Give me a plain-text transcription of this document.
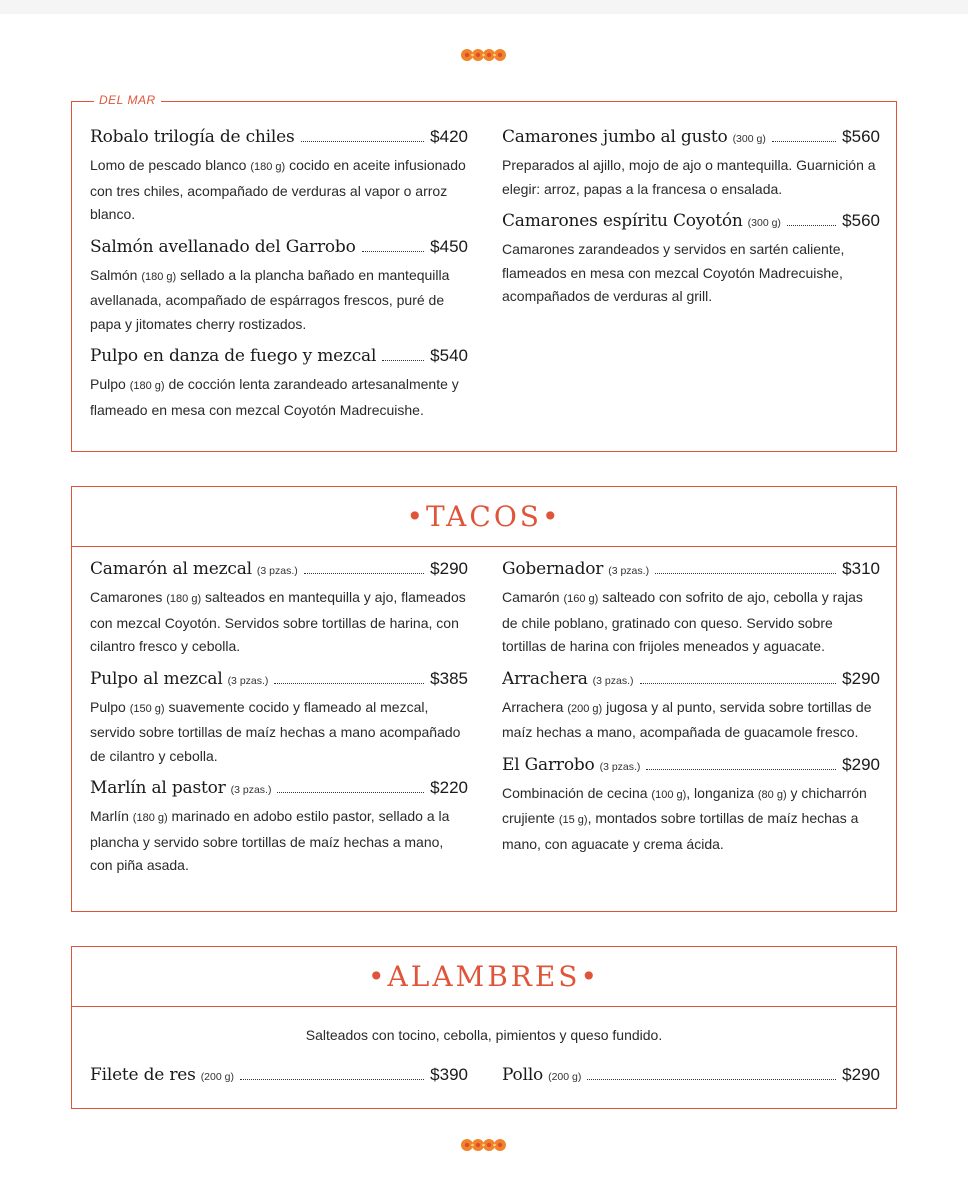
DEL MAR
Robalo trilogía de chiles	$420
Lomo de pescado blanco (180 g) cocido en aceite infusionado con tres chiles, acompañado de verduras al vapor o arroz blanco.
Salmón avellanado del Garrobo	$450
Salmón (180 g) sellado a la plancha bañado en mantequilla avellanada, acompañado de espárragos frescos, puré de papa y jitomates cherry rostizados.
Pulpo en danza de fuego y mezcal	$540
Pulpo (180 g) de cocción lenta zarandeado artesanalmente y flameado en mesa con mezcal Coyotón Madrecuishe.
Camarones jumbo al gusto (300 g)	$560
Preparados al ajillo, mojo de ajo o mantequilla. Guarnición a elegir: arroz, papas a la francesa o ensalada.
Camarones espíritu Coyotón (300 g)	$560
Camarones zarandeados y servidos en sartén caliente, flameados en mesa con mezcal Coyotón Madrecuishe, acompañados de verduras al grill.
•TACOS•
Camarón al mezcal (3 pzas.)	$290
Camarones (180 g) salteados en mantequilla y ajo, flameados con mezcal Coyotón. Servidos sobre tortillas de harina, con cilantro fresco y cebolla.
Pulpo al mezcal (3 pzas.)	$385
Pulpo (150 g) suavemente cocido y flameado al mezcal, servido sobre tortillas de maíz hechas a mano acompañado de cilantro y cebolla.
Marlín al pastor (3 pzas.)	$220
Marlín (180 g) marinado en adobo estilo pastor, sellado a la plancha y servido sobre tortillas de maíz hechas a mano, con piña asada.
Gobernador (3 pzas.)	$310
Camarón (160 g) salteado con sofrito de ajo, cebolla y rajas de chile poblano, gratinado con queso. Servido sobre tortillas de harina con frijoles meneados y aguacate.
Arrachera (3 pzas.)	$290
Arrachera (200 g) jugosa y al punto, servida sobre tortillas de maíz hechas a mano, acompañada de guacamole fresco.
El Garrobo (3 pzas.)	$290
Combinación de cecina (100 g), longaniza (80 g) y chicharrón crujiente (15 g), montados sobre tortillas de maíz hechas a mano, con aguacate y crema ácida.
•ALAMBRES•
Salteados con tocino, cebolla, pimientos y queso fundido.
Filete de res (200 g)	$390 Pollo (200 g)	$290
